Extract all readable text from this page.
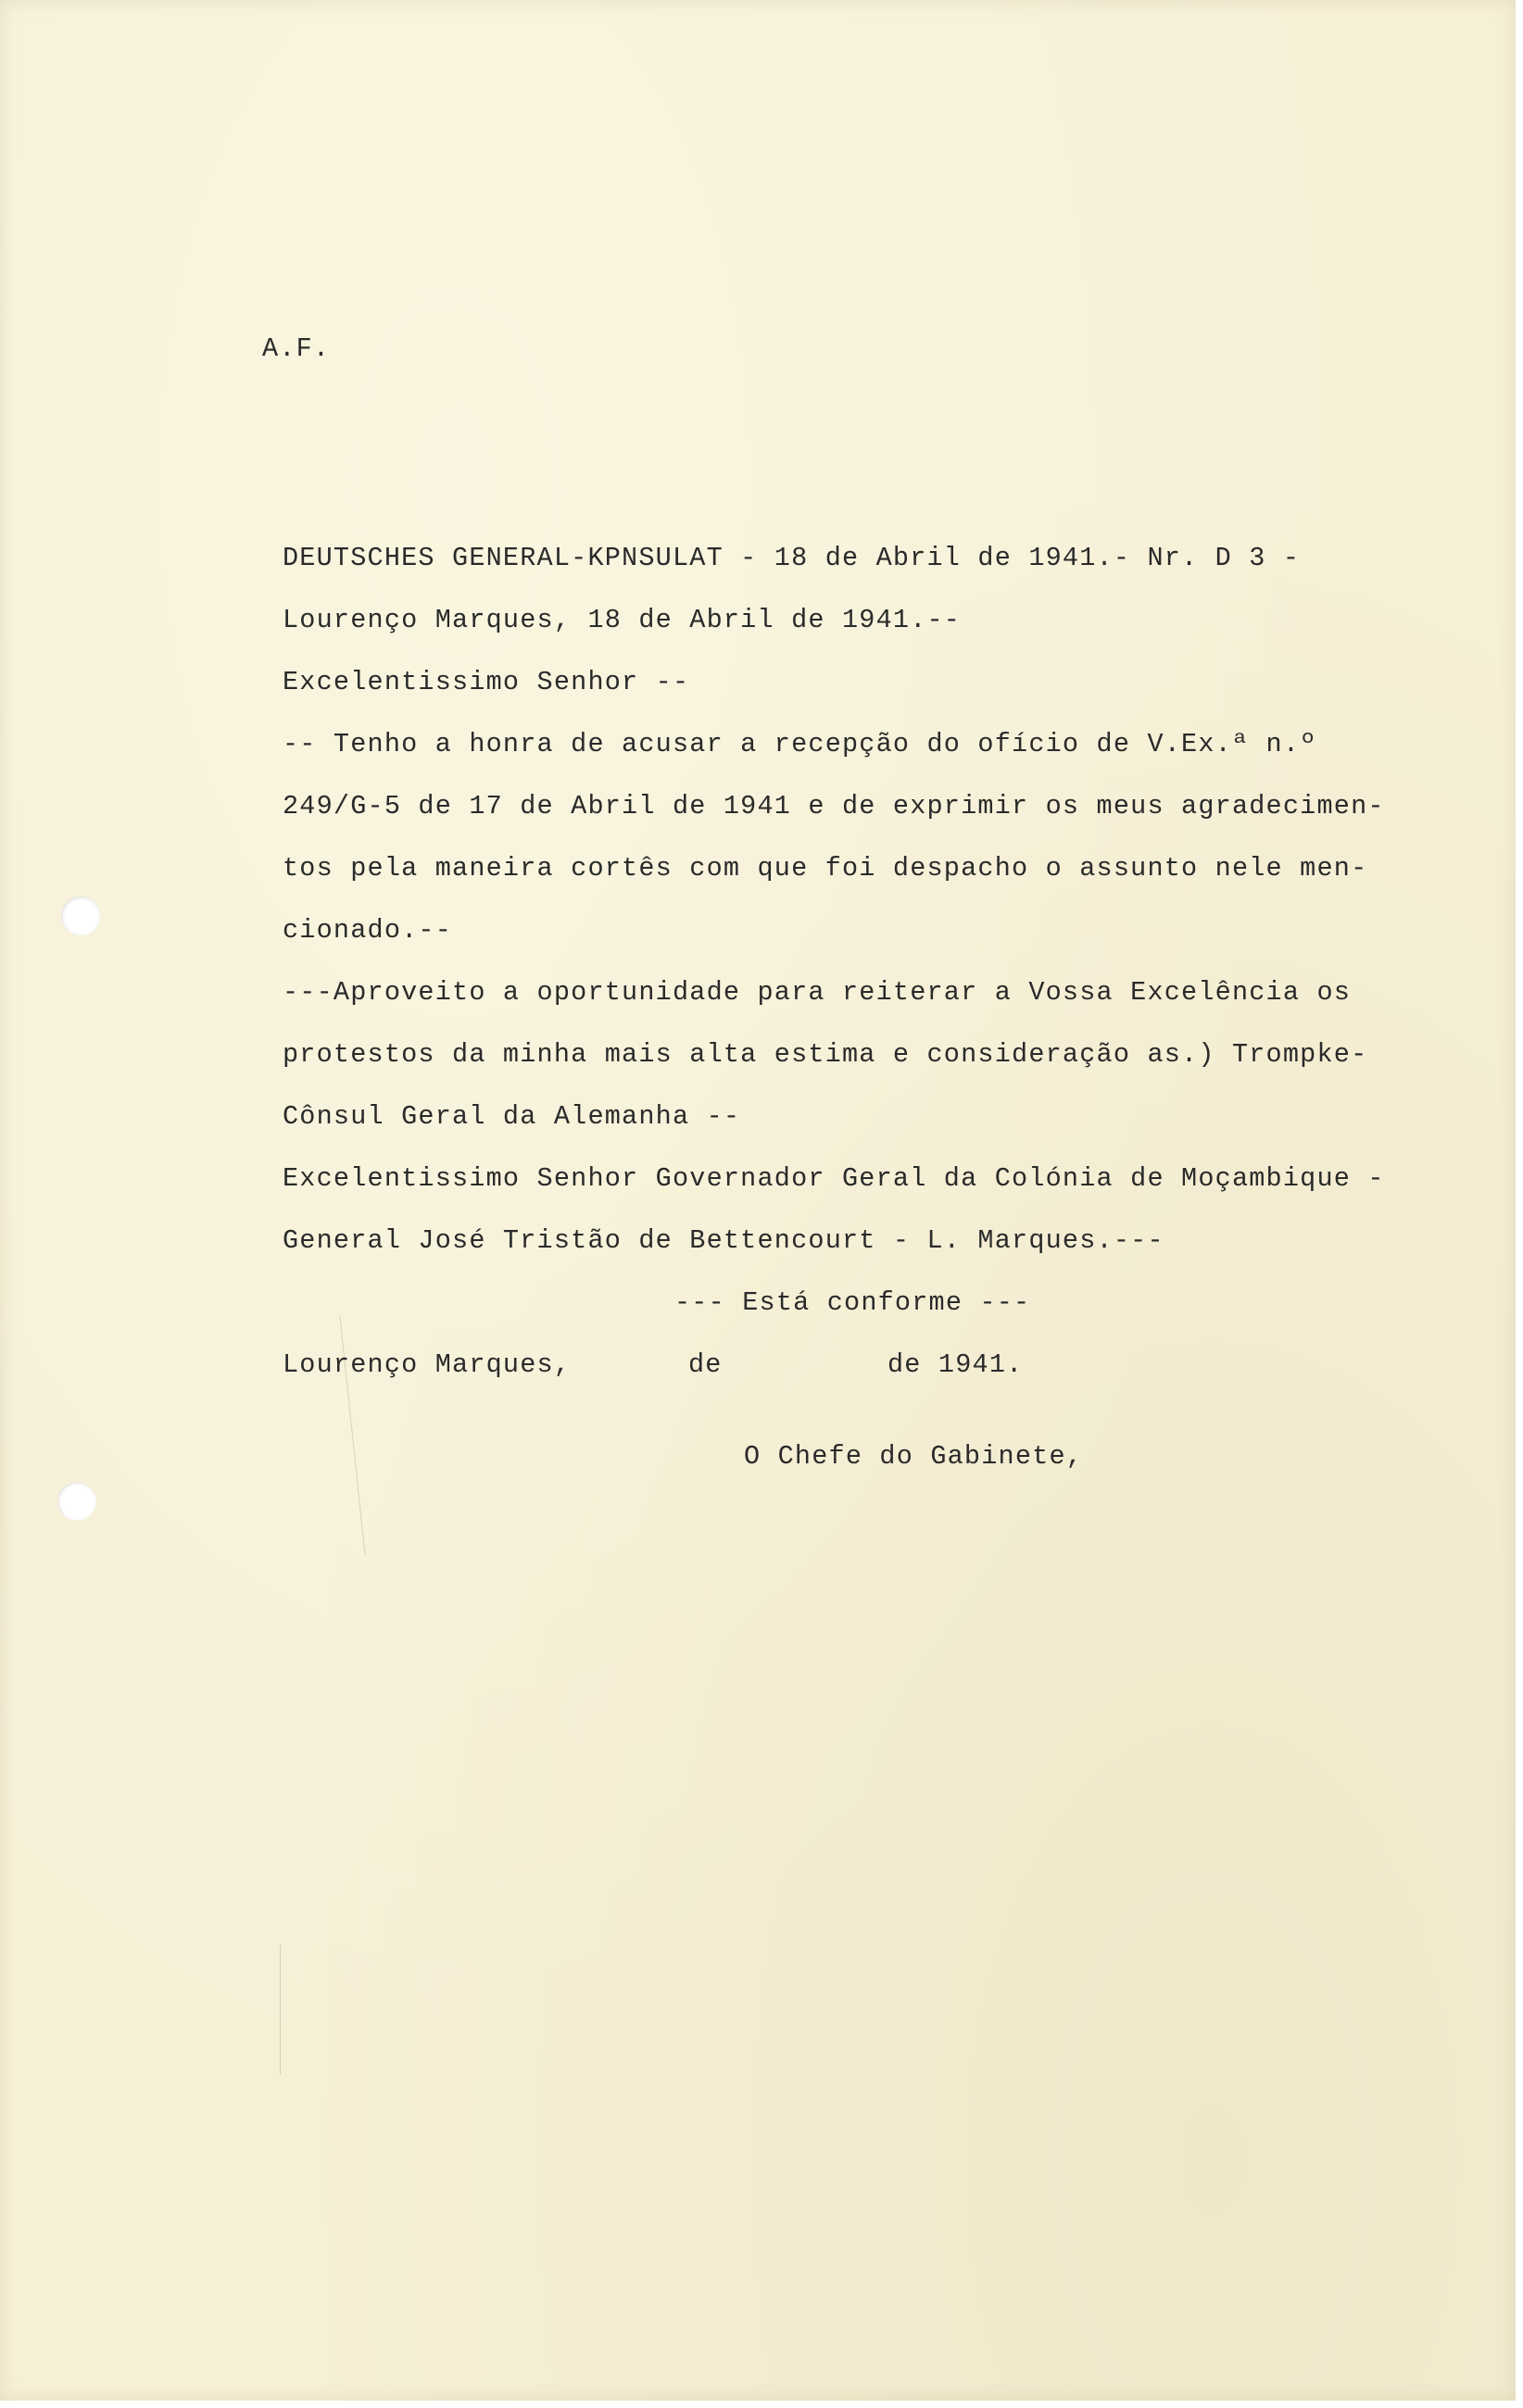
A.F.
DEUTSCHES GENERAL-KPNSULAT - 18 de Abril de 1941.- Nr. D 3 -
Lourenço Marques, 18 de Abril de 1941.--
Excelentissimo Senhor --
-- Tenho a honra de acusar a recepção do ofício de V.Ex.ª n.º
249/G-5 de 17 de Abril de 1941 e de exprimir os meus agradecimen-
tos pela maneira cortês com que foi despacho o assunto nele men-
cionado.--
---Aproveito a oportunidade para reiterar a Vossa Excelência os
protestos da minha mais alta estima e consideração as.) Trompke-
Cônsul Geral da Alemanha --
Excelentissimo Senhor Governador Geral da Colónia de Moçambique -
General José Tristão de Bettencourt - L. Marques.---
--- Está conforme ---
Lourenço Marques,	de	de 1941.
O Chefe do Gabinete,
